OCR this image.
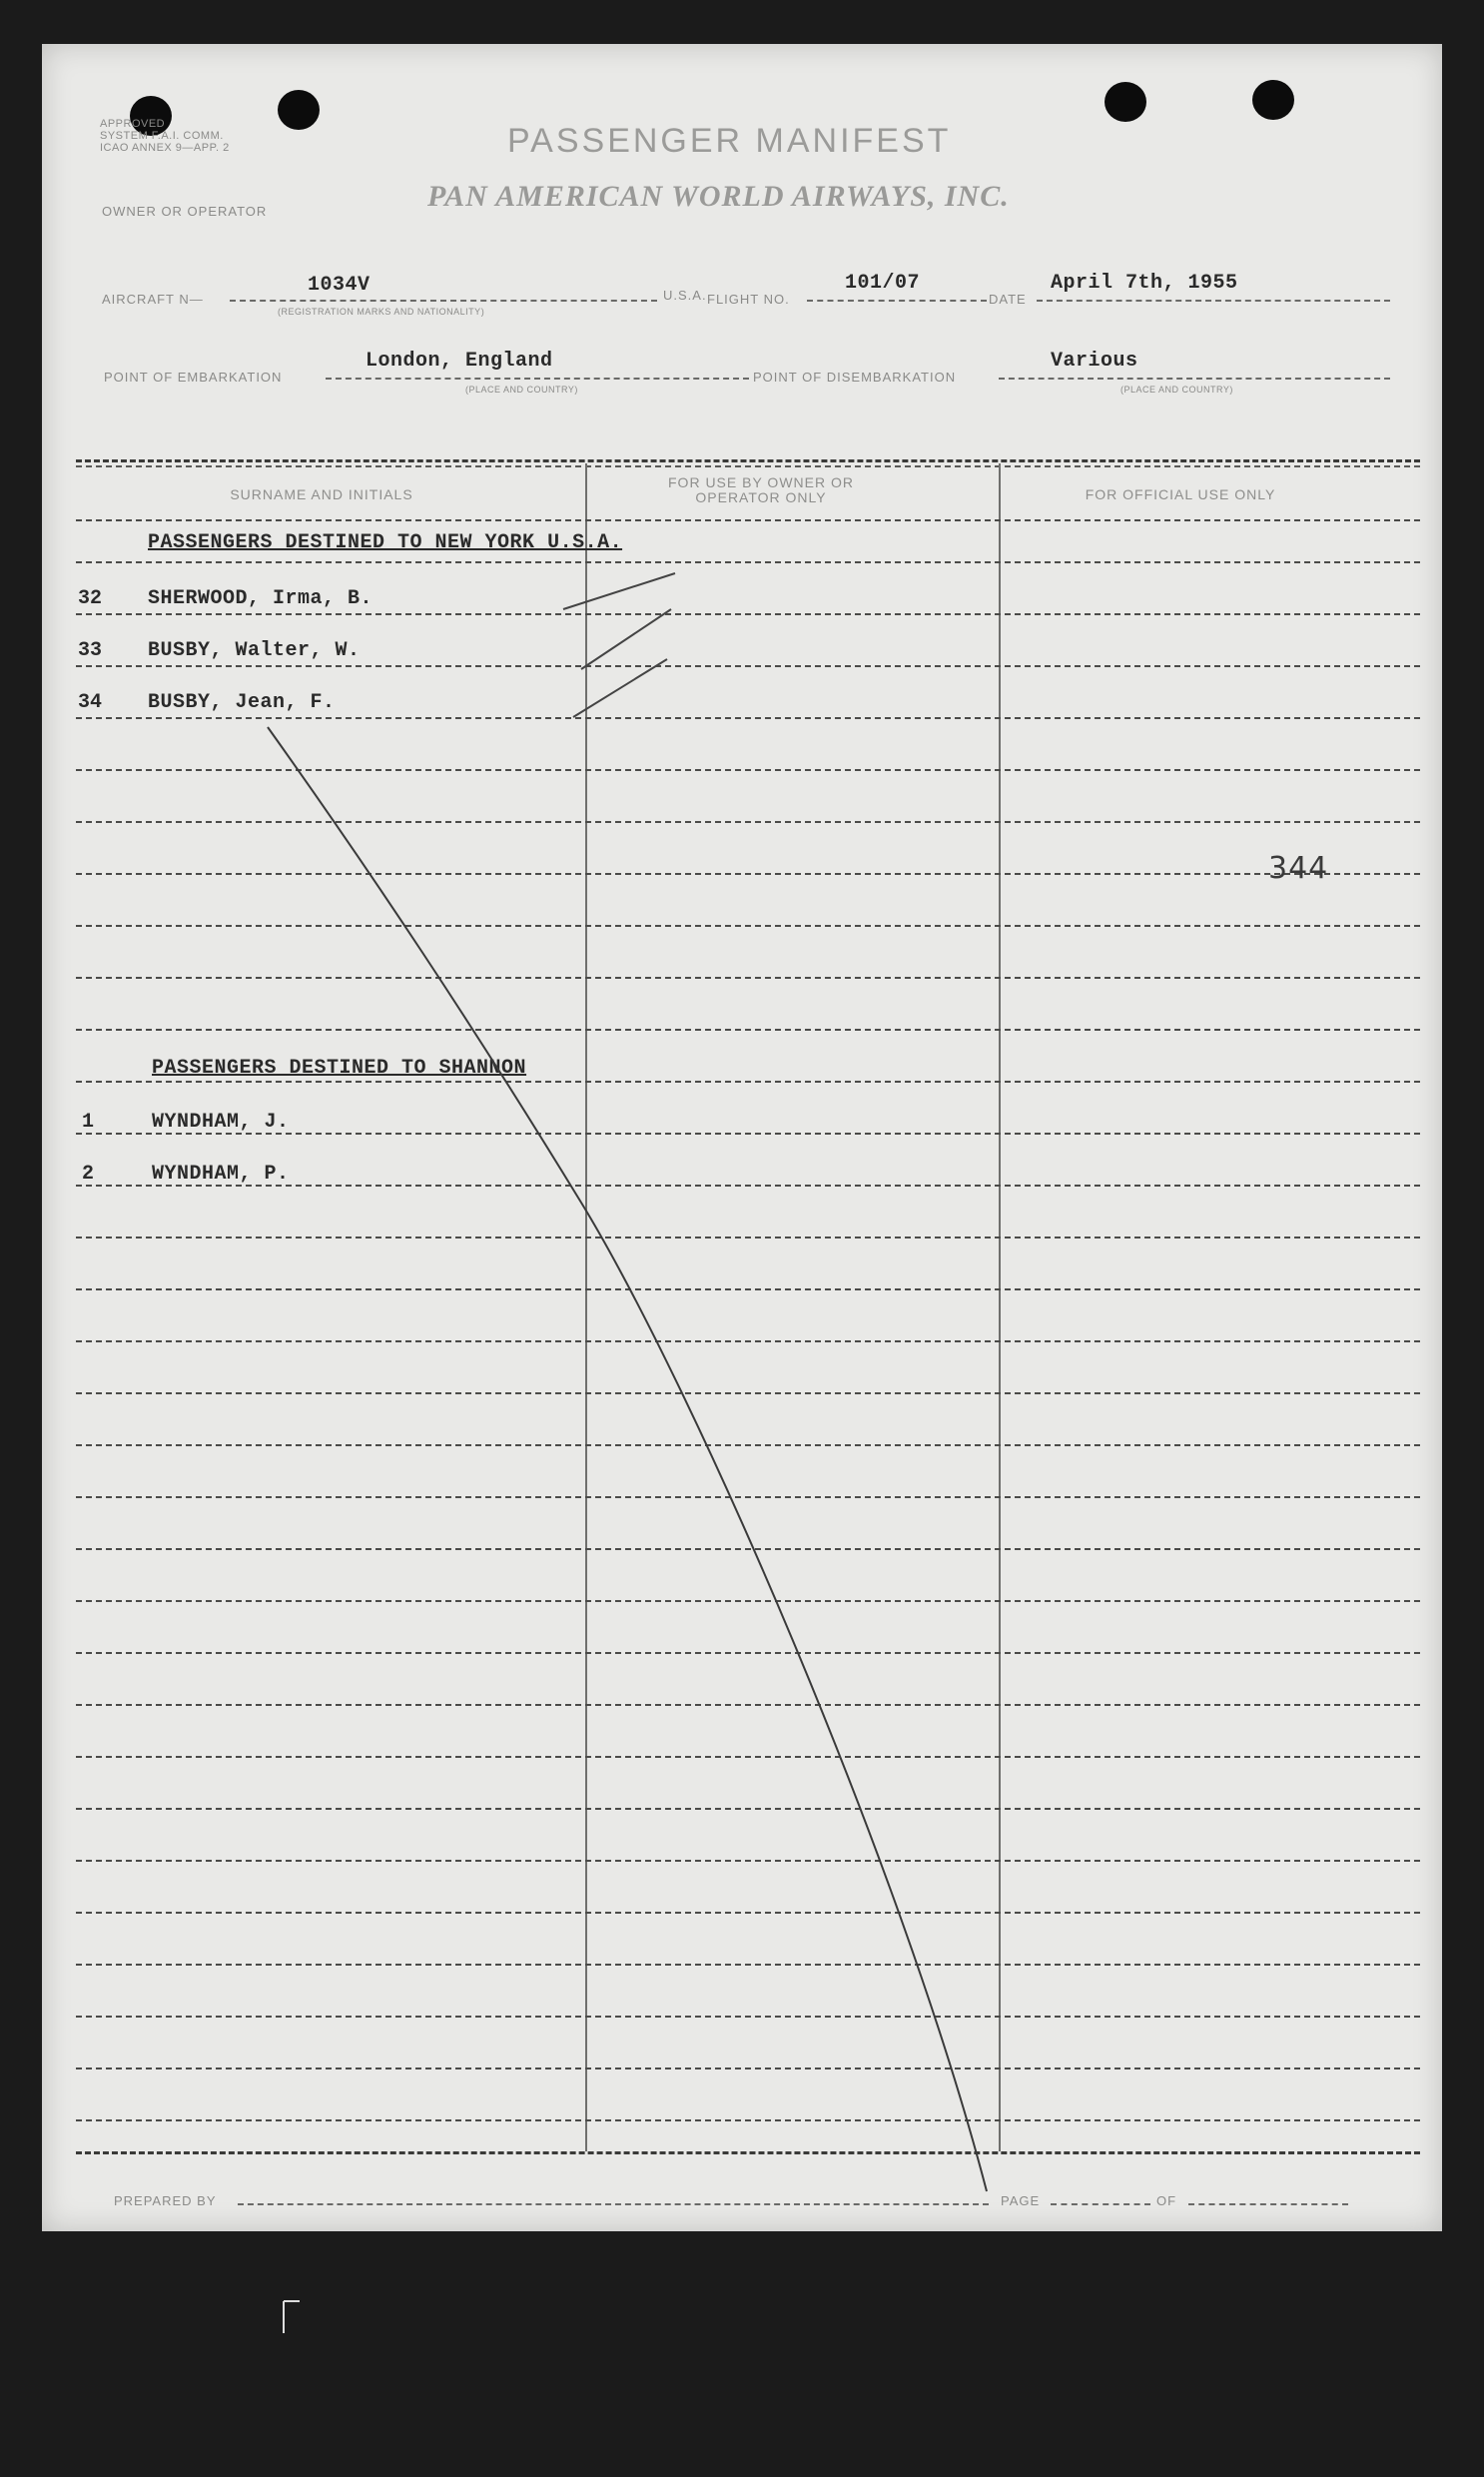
APPROVED
SYSTEM F.A.I. COMM.
ICAO ANNEX 9—APP. 2	PASSENGER MANIFEST
OWNER OR OPERATOR	PAN AMERICAN WORLD AIRWAYS, INC.
AIRCRAFT N—
1034V
(REGISTRATION MARKS AND NATIONALITY)
U.S.A. FLIGHT NO.
101/07
DATE
April 7th, 1955
POINT OF EMBARKATION
London, England
(PLACE AND COUNTRY)
POINT OF DISEMBARKATION
Various
(PLACE AND COUNTRY)
SURNAME AND INITIALS
FOR USE BY OWNER OR OPERATOR ONLY	FOR OFFICIAL USE ONLY
PASSENGERS DESTINED TO NEW YORK U.S.A.
32 SHERWOOD, Irma, B.
33 BUSBY, Walter, W.
34 BUSBY, Jean, F.
344
PASSENGERS DESTINED TO SHANNON
1	WYNDHAM, J.
2	WYNDHAM, P.
PREPARED BY	PAGE	OF
